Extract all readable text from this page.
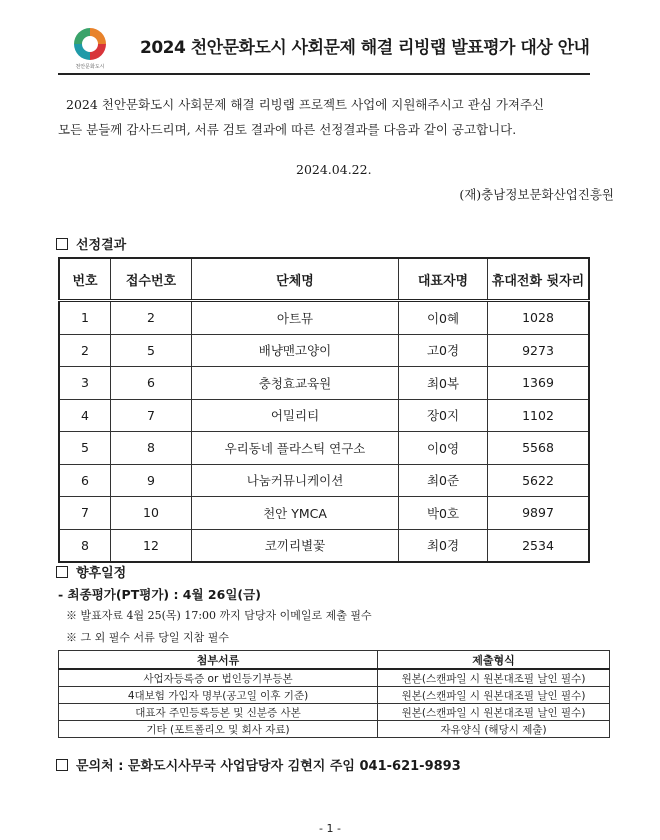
천안문화도시
2024 천안문화도시 사회문제 해결 리빙랩 발표평가 대상 안내
2024 천안문화도시 사회문제 해결 리빙랩 프로젝트 사업에 지원해주시고 관심 가져주신
모든 분들께 감사드리며, 서류 검토 결과에 따른 선정결과를 다음과 같이 공고합니다.
2024.04.22.
(재)충남정보문화산업진흥원
선정결과
번호	접수번호	단체명	대표자명	휴대전화 뒷자리
1	2	아트뮤	이0혜	1028
2	5	배냥맨고양이	고0경	9273
3	6	충청효교육원	최0복	1369
4	7	어밀리티	장0지	1102
5	8	우리동네 플라스틱 연구소	이0영	5568
6	9	나눔커뮤니케이션	최0준	5622
7	10	천안 YMCA	박0호	9897
8	12	코끼리별꽃	최0경	2534
향후일정
- 최종평가(PT평가) : 4월 26일(금)
※ 발표자료 4월 25(목) 17:00 까지 담당자 이메일로 제출 필수
※ 그 외 필수 서류 당일 지참 필수
첨부서류	제출형식
사업자등록증 or 법인등기부등본	원본(스캔파일 시 원본대조필 날인 필수)
4대보험 가입자 명부(공고일 이후 기준)	원본(스캔파일 시 원본대조필 날인 필수)
대표자 주민등록등본 및 신분증 사본	원본(스캔파일 시 원본대조필 날인 필수)
기타 (포트폴리오 및 회사 자료)	자유양식 (해당시 제출)
문의처 : 문화도시사무국 사업담당자 김현지 주임 041-621-9893
- 1 -
